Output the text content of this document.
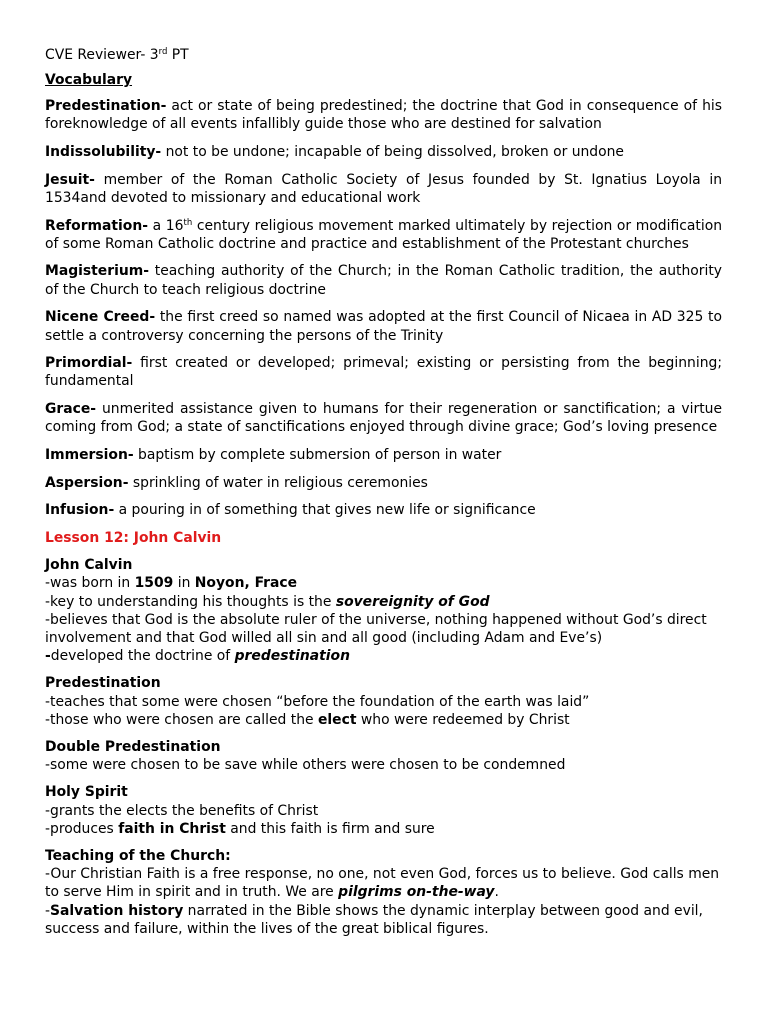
CVE Reviewer- 3rd PT
Vocabulary
Predestination- act or state of being predestined; the doctrine that God in consequence of his foreknowledge of all events infallibly guide those who are destined for salvation
Indissolubility- not to be undone; incapable of being dissolved, broken or undone
Jesuit- member of the Roman Catholic Society of Jesus founded by St. Ignatius Loyola in 1534and devoted to missionary and educational work
Reformation- a 16th century religious movement marked ultimately by rejection or modification of some Roman Catholic doctrine and practice and establishment of the Protestant churches
Magisterium- teaching authority of the Church; in the Roman Catholic tradition, the authority of the Church to teach religious doctrine
Nicene Creed- the first creed so named was adopted at the first Council of Nicaea in AD 325 to settle a controversy concerning the persons of the Trinity
Primordial- first created or developed; primeval; existing or persisting from the beginning; fundamental
Grace- unmerited assistance given to humans for their regeneration or sanctification; a virtue coming from God; a state of sanctifications enjoyed through divine grace; God’s loving presence
Immersion- baptism by complete submersion of person in water
Aspersion- sprinkling of water in religious ceremonies
Infusion- a pouring in of something that gives new life or significance
Lesson 12: John Calvin
John Calvin
-was born in 1509 in Noyon, Frace
-key to understanding his thoughts is the sovereignity of God
-believes that God is the absolute ruler of the universe, nothing happened without God’s direct
involvement and that God willed all sin and all good (including Adam and Eve’s)
-developed the doctrine of predestination
Predestination
-teaches that some were chosen “before the foundation of the earth was laid”
-those who were chosen are called the elect who were redeemed by Christ
Double Predestination
-some were chosen to be save while others were chosen to be condemned
Holy Spirit
-grants the elects the benefits of Christ
-produces faith in Christ and this faith is firm and sure
Teaching of the Church:
-Our Christian Faith is a free response, no one, not even God, forces us to believe. God calls men
to serve Him in spirit and in truth. We are pilgrims on-the-way.
-Salvation history narrated in the Bible shows the dynamic interplay between good and evil,
success and failure, within the lives of the great biblical figures.
